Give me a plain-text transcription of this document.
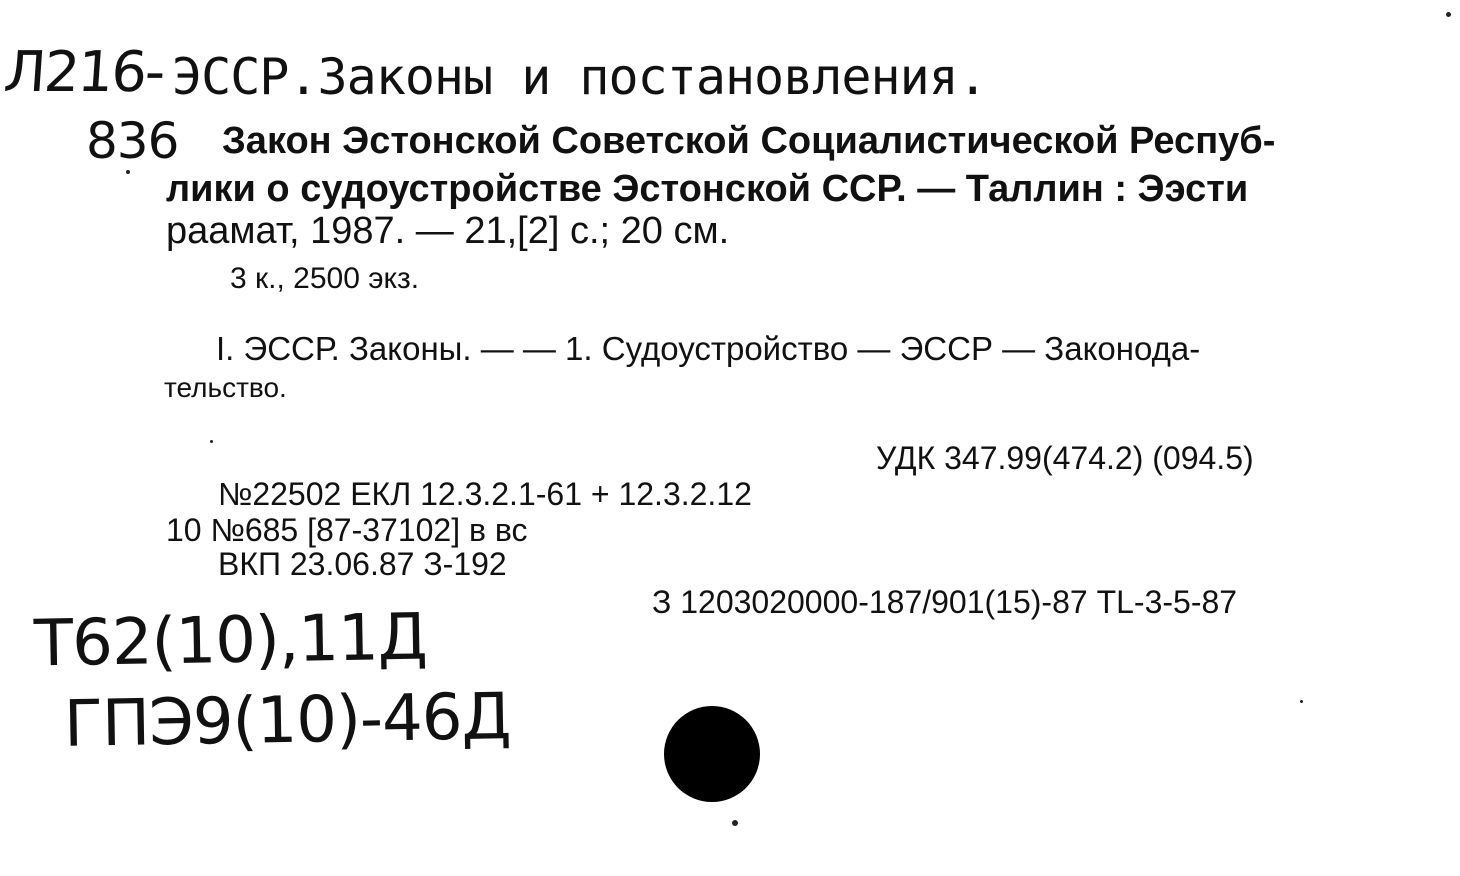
Л216- ЭССР.Законы и постановления.
836 Закон Эстонской Советской Социалистической Респуб-
лики о судоустройстве Эстонской ССР. — Таллин : Ээсти
раамат, 1987. — 21,[2] с.; 20 см.
3 к., 2500 экз.
I. ЭССР. Законы. — — 1. Судоустройство — ЭССР — Законода-
тельство.
УДК 347.99(474.2) (094.5)
№22502 ЕКЛ 12.3.2.1-61 + 12.3.2.12
10 №685 [87-37102] в вс
ВКП 23.06.87 З-192
З 1203020000-187/901(15)-87 TL-3-5-87
Т62(10),11Д
ГПЭ9(10)-46Д
